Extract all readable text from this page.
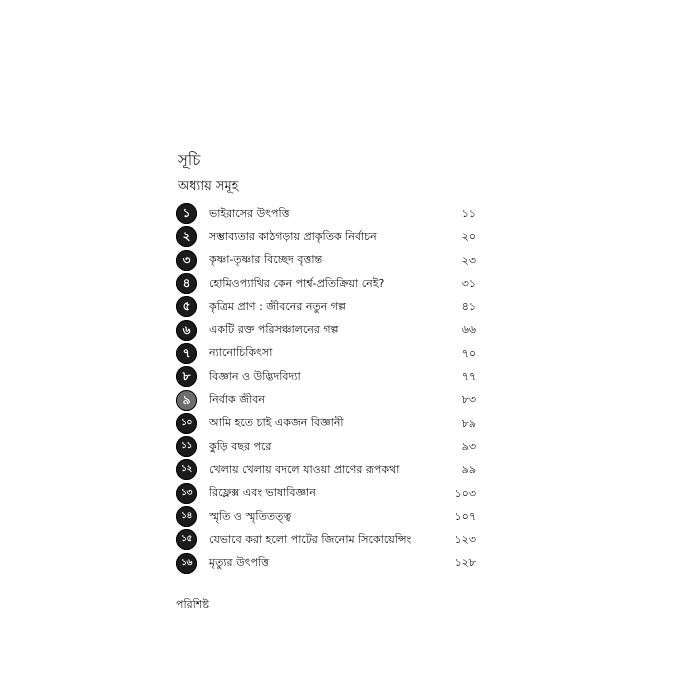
সূচি
অধ্যায় সমূহ
১	ভাইরাসের উৎপত্তি	১১
২	সম্ভাব্যতার কাঠগড়ায় প্রাকৃতিক নির্বাচন	২০
৩	কৃষ্ণা-তৃষ্ণার বিচ্ছেদ বৃত্তান্ত	২৩
৪	হোমিওপ্যাথির কেন পার্শ্ব-প্রতিক্রিয়া নেই?	৩১
৫	কৃত্রিম প্রাণ : জীবনের নতুন গল্প	৪১
৬	একটি রক্ত পরিসঞ্চালনের গল্প	৬৬
৭	ন্যানোচিকিৎসা	৭০
৮	বিজ্ঞান ও উদ্ভিদবিদ্যা	৭৭
৯	নির্বাক জীবন	৮৩
১০	আমি হতে চাই একজন বিজ্ঞানী	৮৯
১১	কুড়ি বছর পরে	৯৩
১২	খেলায় খেলায় বদলে যাওয়া প্রাণের রূপকথা	৯৯
১৩	রিফ্লেক্স এবং ভাষাবিজ্ঞান	১০৩
১৪	স্মৃতি ও স্মৃতিতত্ত্ব	১০৭
১৫	যেভাবে করা হলো পাটের জিনোম সিকোয়েন্সিং	১২৩
১৬	মৃত্যুর উৎপত্তি	১২৮
পরিশিষ্ট
